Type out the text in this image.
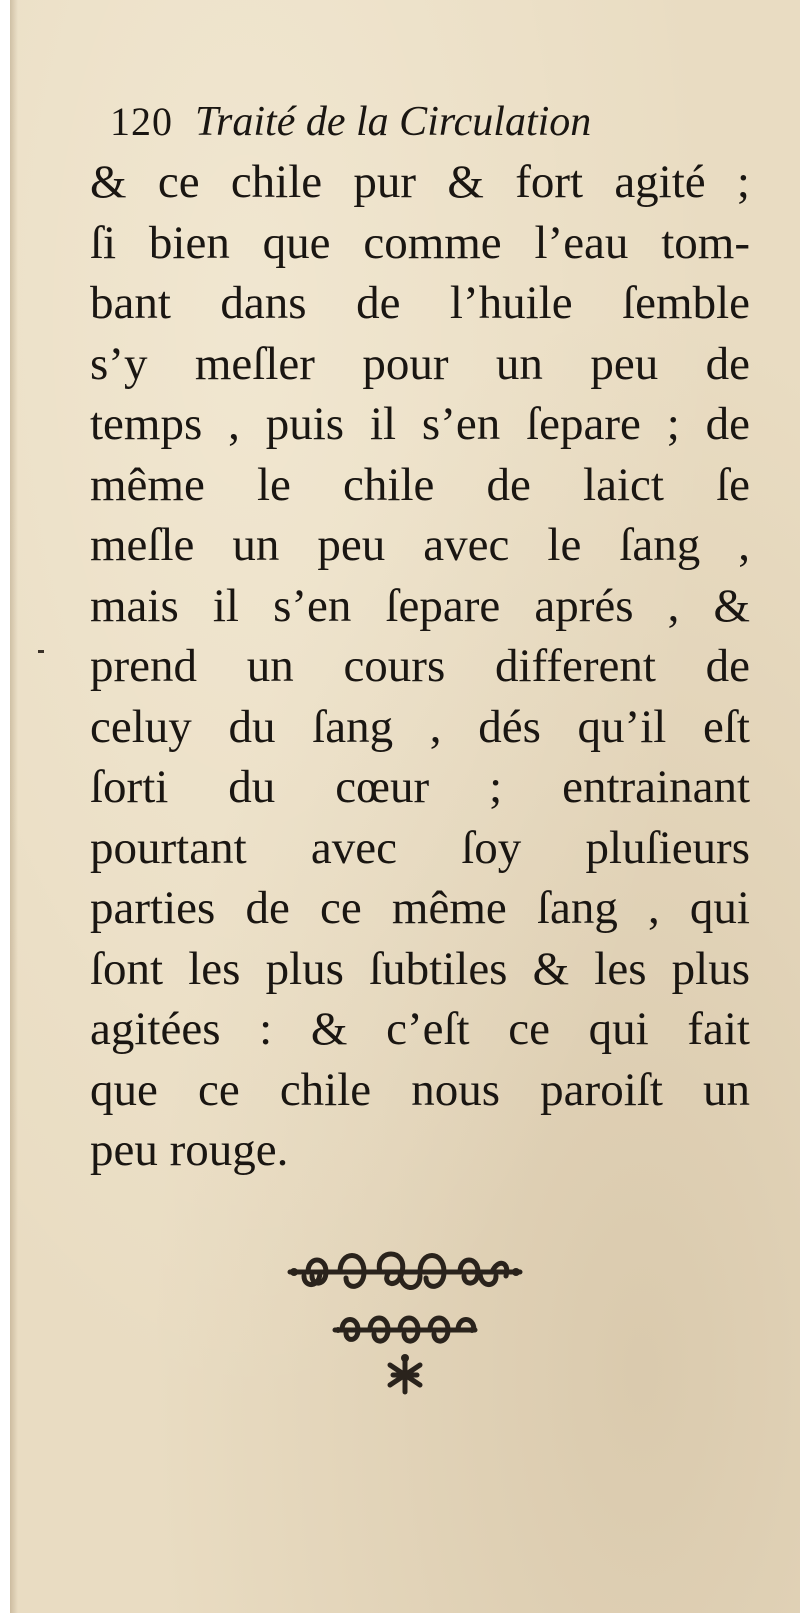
120 Traité de la Circulation
& ce chile pur & fort agité ;
ſi bien que comme l’eau tom-
bant dans de l’huile ſemble
s’y meſler pour un peu de
temps , puis il s’en ſepare ; de
même le chile de laict ſe
meſle un peu avec le ſang ,
mais il s’en ſepare aprés , &
prend un cours different de
celuy du ſang , dés qu’il eſt
ſorti du cœur ; entrainant
pourtant avec ſoy pluſieurs
parties de ce même ſang , qui
ſont les plus ſubtiles & les plus
agitées : & c’eſt ce qui fait
que ce chile nous paroiſt un
peu rouge.
